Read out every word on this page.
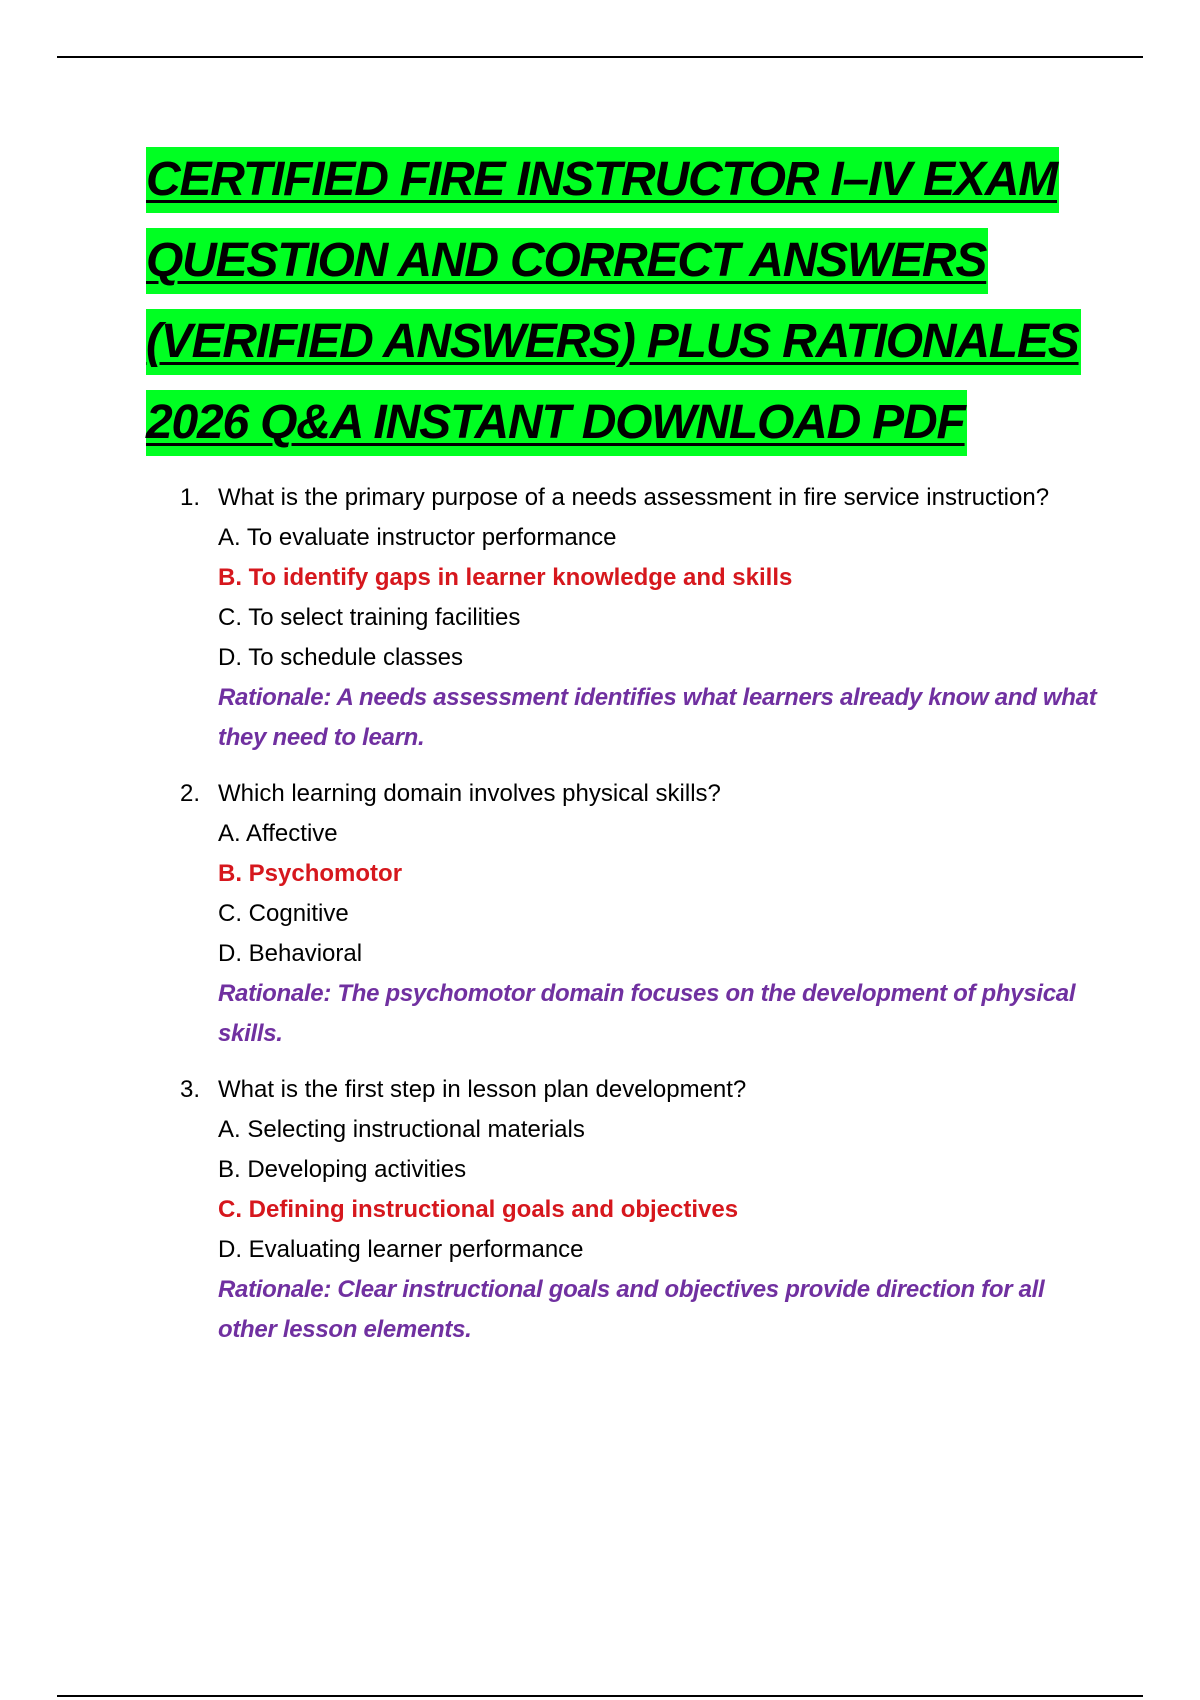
CERTIFIED FIRE INSTRUCTOR I–IV EXAM
QUESTION AND CORRECT ANSWERS
(VERIFIED ANSWERS) PLUS RATIONALES
2026 Q&A INSTANT DOWNLOAD PDF
1. What is the primary purpose of a needs assessment in fire service instruction?
A. To evaluate instructor performance
B. To identify gaps in learner knowledge and skills
C. To select training facilities
D. To schedule classes
Rationale: A needs assessment identifies what learners already know and what they need to learn.
2. Which learning domain involves physical skills?
A. Affective
B. Psychomotor
C. Cognitive
D. Behavioral
Rationale: The psychomotor domain focuses on the development of physical skills.
3. What is the first step in lesson plan development?
A. Selecting instructional materials
B. Developing activities
C. Defining instructional goals and objectives
D. Evaluating learner performance
Rationale: Clear instructional goals and objectives provide direction for all other lesson elements.
